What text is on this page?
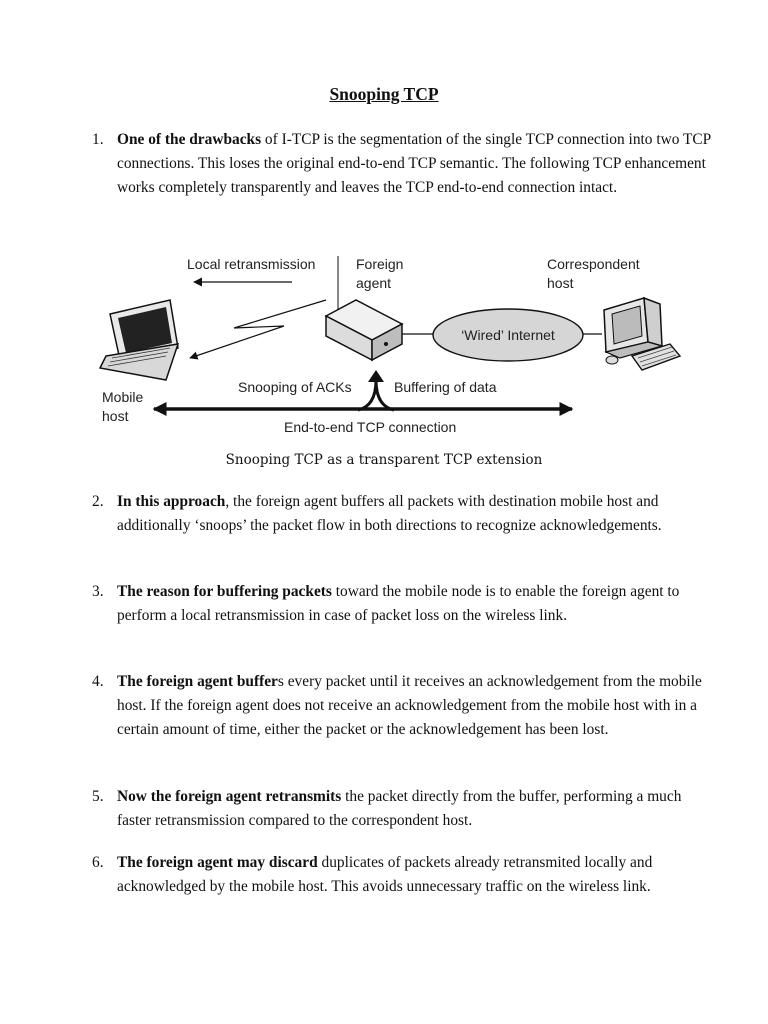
Snooping TCP
1. One of the drawbacks of I-TCP is the segmentation of the single TCP connection into two TCP connections. This loses the original end-to-end TCP semantic. The following TCP enhancement works completely transparently and leaves the TCP end-to-end connection intact.
Local retransmission	Foreign
agent
Correspondent
host
Mobile
host
‘Wired’ Internet
Snooping of ACKs	Buffering of data
End-to-end TCP connection
Snooping TCP as a transparent TCP extension
2. In this approach, the foreign agent buffers all packets with destination mobile host and additionally ‘snoops’ the packet flow in both directions to recognize acknowledgements.
3. The reason for buffering packets toward the mobile node is to enable the foreign agent to perform a local retransmission in case of packet loss on the wireless link.
4. The foreign agent buffers every packet until it receives an acknowledgement from the mobile host. If the foreign agent does not receive an acknowledgement from the mobile host with in a certain amount of time, either the packet or the acknowledgement has been lost.
5. Now the foreign agent retransmits the packet directly from the buffer, performing a much faster retransmission compared to the correspondent host.
6. The foreign agent may discard duplicates of packets already retransmited locally and acknowledged by the mobile host. This avoids unnecessary traffic on the wireless link.
